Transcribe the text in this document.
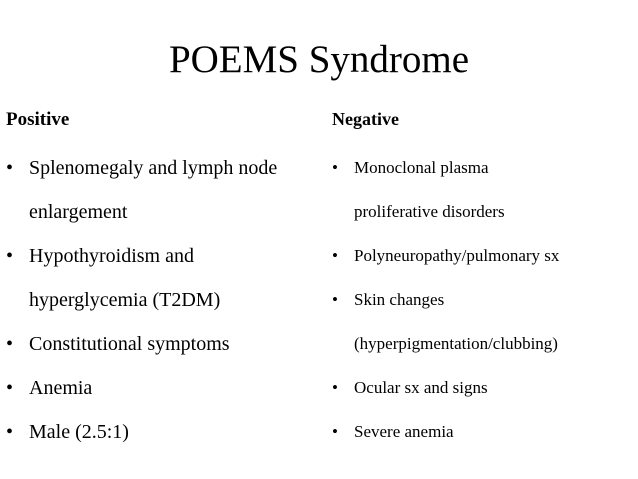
POEMS Syndrome
Positive	Negative
• Splenomegaly and lymph node enlargement
• Hypothyroidism and hyperglycemia (T2DM)
• Constitutional symptoms
• Anemia
• Male (2.5:1)
• Monoclonal plasma proliferative disorders
• Polyneuropathy/pulmonary sx
• Skin changes (hyperpigmentation/clubbing)
• Ocular sx and signs
• Severe anemia
